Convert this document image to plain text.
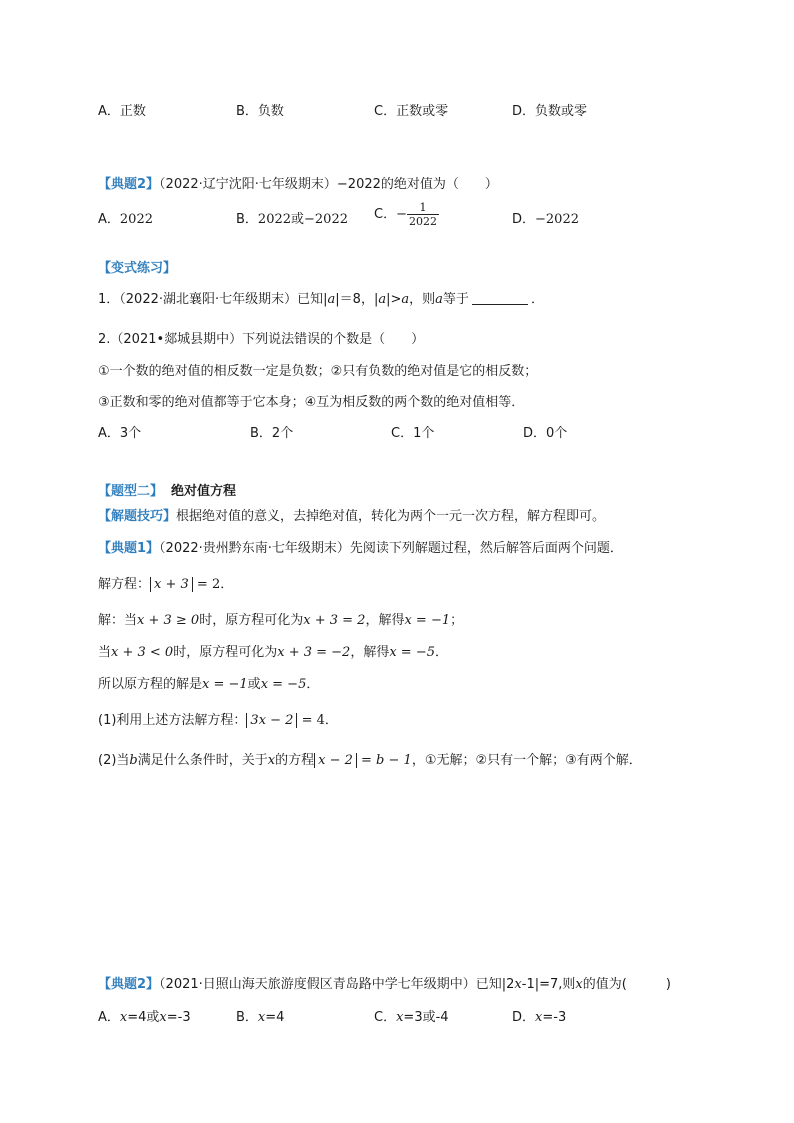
A．正数	B．负数	C．正数或零	D．负数或零
【典题2】（2022·辽宁沈阳·七年级期末）−2022的绝对值为（　　）
A．2022	B．2022或−2022 C．− $\frac{1}{2022}$	D．−2022
【变式练习】
1．（2022·湖北襄阳·七年级期末）已知|a|＝8，|a|>a，则a等于	．
2.（2021•郯城县期中）下列说法错误的个数是（　　）
①一个数的绝对值的相反数一定是负数；②只有负数的绝对值是它的相反数；
③正数和零的绝对值都等于它本身；④互为相反数的两个数的绝对值相等．
A．3个	B．2个	C．1个	D．0个
【题型二】 绝对值方程
【解题技巧】根据绝对值的意义，去掉绝对值，转化为两个一元一次方程，解方程即可。
【典题1】（2022·贵州黔东南·七年级期末）先阅读下列解题过程，然后解答后面两个问题．
解方程： x + 3 = 2．
解：当x + 3 ≥ 0时，原方程可化为x + 3 = 2，解得x = −1；
当x + 3 < 0时，原方程可化为x + 3 = −2，解得x = −5．
所以原方程的解是x = −1或x = −5．
(1)利用上述方法解方程： 3x − 2 = 4．
(2)当b满足什么条件时，关于x的方程 x − 2 = b − 1，①无解；②只有一个解；③有两个解．
【典题2】（2021·日照山海天旅游度假区青岛路中学七年级期中）已知|2x-1|=7,则x的值为(　　　)
A．x=4或x=-3	B．x=4	C．x=3或-4	D．x=-3
